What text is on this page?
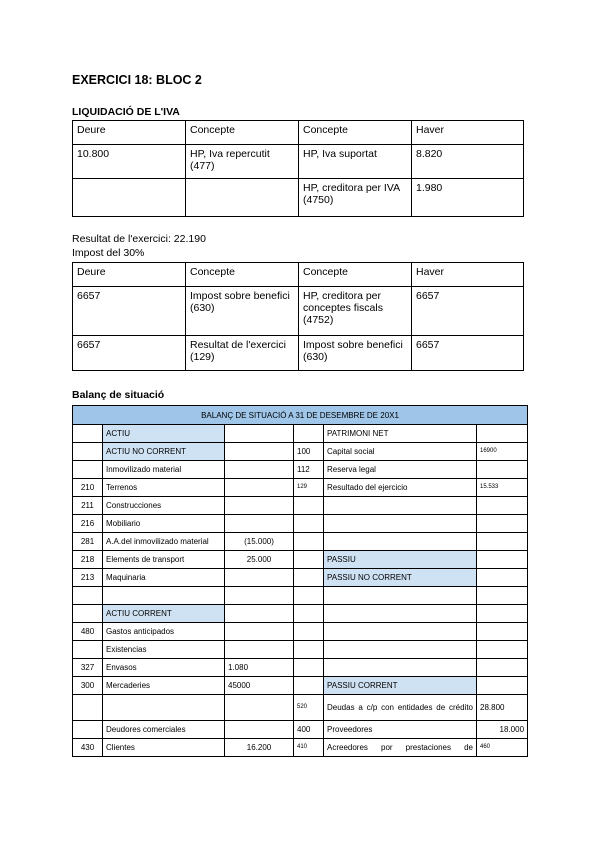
EXERCICI 18: BLOC 2
LIQUIDACIÓ DE L'IVA
Deure	Concepte	Concepte	Haver
10.800	HP, Iva repercutit (477)	HP, Iva suportat	8.820
		HP, creditora per IVA (4750)	1.980
Resultat de l'exercici: 22.190
Impost del 30%
Deure	Concepte	Concepte	Haver
6657	Impost sobre benefici (630)	HP, creditora per conceptes fiscals (4752)	6657
6657	Resultat de l'exercici (129)	Impost sobre benefici (630)	6657
Balanç de situació
BALANÇ DE SITUACIÓ A 31 DE DESEMBRE DE 20X1					
	ACTIU			PATRIMONI NET	
	ACTIU NO CORRENT		100	Capital social	16900
	Inmovilizado material		112	Reserva legal	
210	Terrenos		129	Resultado del ejercicio	15.533
211	Construcciones				
216	Mobiliario				
281	A.A.del inmovilizado material	(15.000)			
218	Elements de transport	25.000		PASSIU	
213	Maquinaria			PASSIU NO CORRENT	

	ACTIU CORRENT				
480	Gastos anticipados				
	Existencias				
327	Envasos	1.080			
300	Mercaderies	45000		PASSIU CORRENT	
			520	Deudas a c/p con entidades de crédito	28.800
	Deudores comerciales		400	Proveedores	18.000
430	Clientes	16.200	410	Acreedores por prestaciones de	460
